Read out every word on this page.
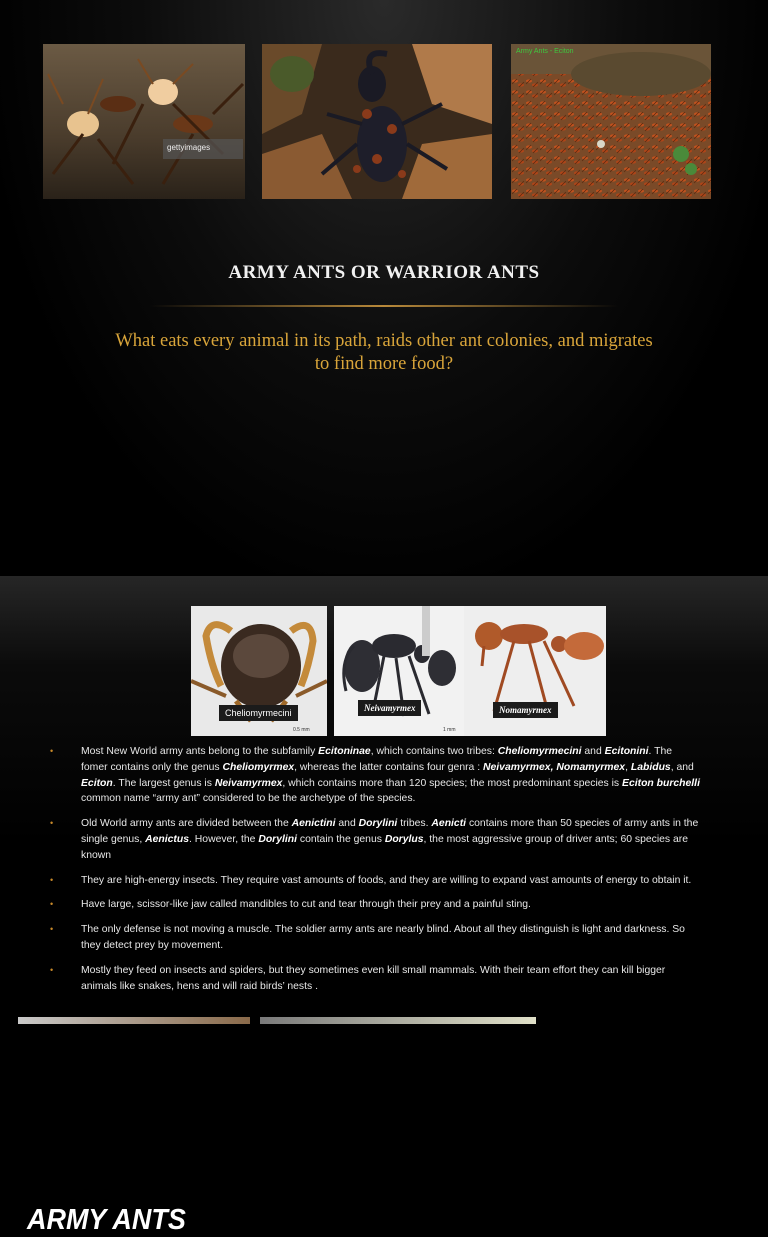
gettyimages
Army Ants - Eciton
ARMY ANTS OR WARRIOR ANTS
What eats every animal in its path, raids other ant colonies, and migrates to find more food?
ARMY ANTS
Cheliomyrmecini
0.5 mm
Neivamyrmex
1 mm
Nomamyrmex
• Most New World army ants belong to the subfamily Ecitoninae, which contains two tribes: Cheliomyrmecini and Ecitonini. The fomer contains only the genus Cheliomyrmex, whereas the latter contains four genra : Neivamyrmex, Nomamyrmex, Labidus, and Eciton. The largest genus is Neivamyrmex, which contains more than 120 species; the most predominant species is Eciton burchelli common name “army ant” considered to be the archetype of the species.
• Old World army ants are divided between the Aenictini and Dorylini tribes. Aenicti contains more than 50 species of army ants in the single genus, Aenictus. However, the Dorylini contain the genus Dorylus, the most aggressive group of driver ants; 60 species are known
• They are high-energy insects. They require vast amounts of foods, and they are willing to expand vast amounts of energy to obtain it.
• Have large, scissor-like jaw called mandibles to cut and tear through their prey and a painful sting.
• The only defense is not moving a muscle. The soldier army ants are nearly blind. About all they distinguish is light and darkness. So they detect prey by movement.
• Mostly they feed on insects and spiders, but they sometimes even kill small mammals. With their team effort they can kill bigger animals like snakes, hens and will raid birds’ nests .
